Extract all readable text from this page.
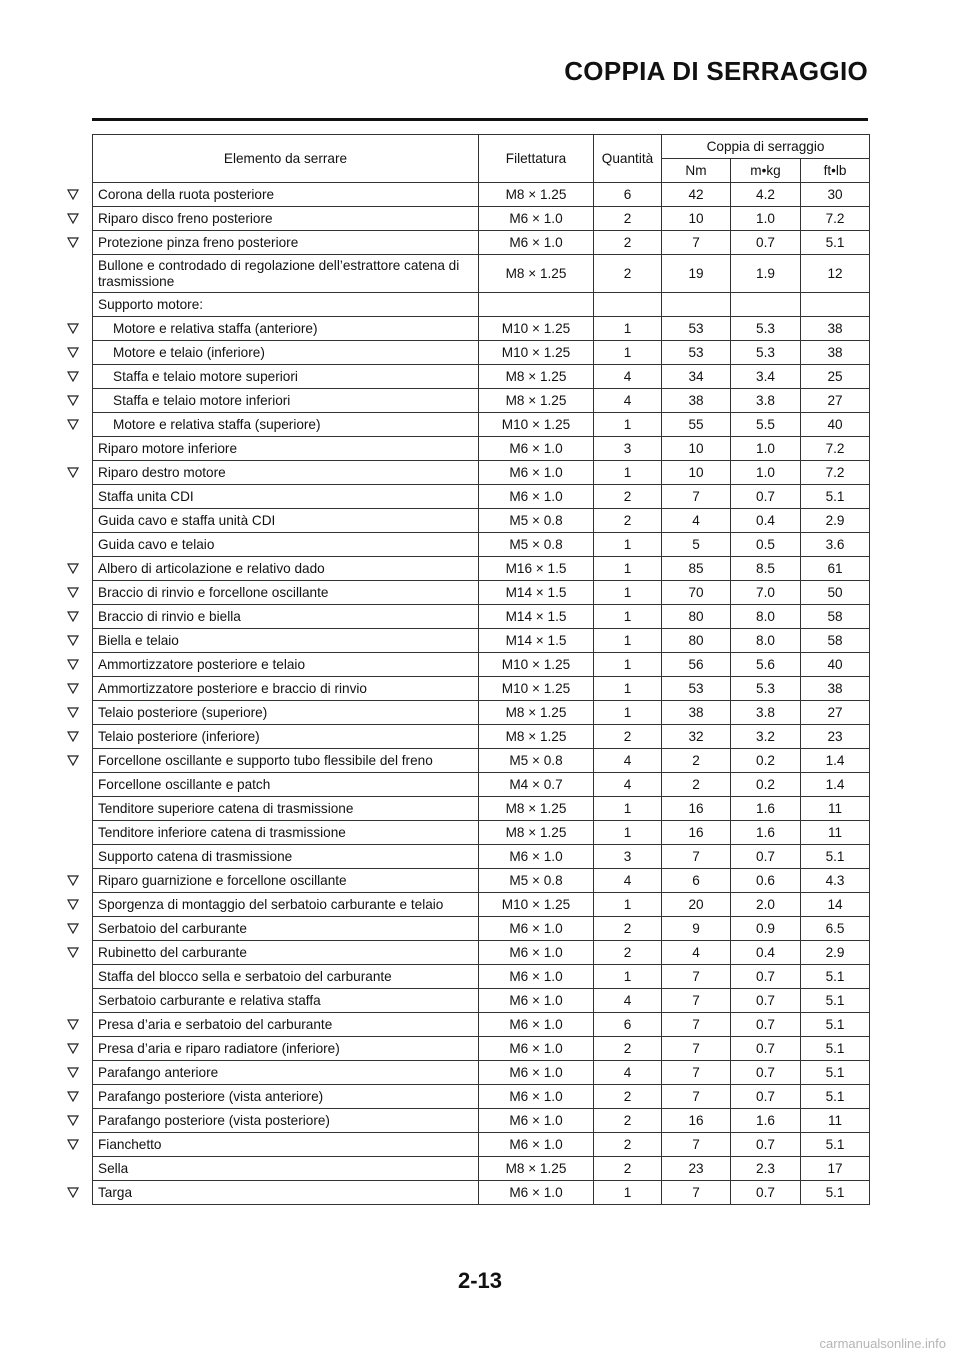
COPPIA DI SERRAGGIO
Elemento da serrare	Filettatura	Quantità	Coppia di serraggio		
			Nm	m•kg	ft•lb
Corona della ruota posteriore	M8 × 1.25	6	42	4.2	30
Riparo disco freno posteriore	M6 × 1.0	2	10	1.0	7.2
Protezione pinza freno posteriore	M6 × 1.0	2	7	0.7	5.1
Bullone e controdado di regolazione dell’estrattore catena di trasmissione	M8 × 1.25	2	19	1.9	12
Supporto motore:					
Motore e relativa staffa (anteriore)	M10 × 1.25	1	53	5.3	38
Motore e telaio (inferiore)	M10 × 1.25	1	53	5.3	38
Staffa e telaio motore superiori	M8 × 1.25	4	34	3.4	25
Staffa e telaio motore inferiori	M8 × 1.25	4	38	3.8	27
Motore e relativa staffa (superiore)	M10 × 1.25	1	55	5.5	40
Riparo motore inferiore	M6 × 1.0	3	10	1.0	7.2
Riparo destro motore	M6 × 1.0	1	10	1.0	7.2
Staffa unita CDI	M6 × 1.0	2	7	0.7	5.1
Guida cavo e staffa unità CDI	M5 × 0.8	2	4	0.4	2.9
Guida cavo e telaio	M5 × 0.8	1	5	0.5	3.6
Albero di articolazione e relativo dado	M16 × 1.5	1	85	8.5	61
Braccio di rinvio e forcellone oscillante	M14 × 1.5	1	70	7.0	50
Braccio di rinvio e biella	M14 × 1.5	1	80	8.0	58
Biella e telaio	M14 × 1.5	1	80	8.0	58
Ammortizzatore posteriore e telaio	M10 × 1.25	1	56	5.6	40
Ammortizzatore posteriore e braccio di rinvio	M10 × 1.25	1	53	5.3	38
Telaio posteriore (superiore)	M8 × 1.25	1	38	3.8	27
Telaio posteriore (inferiore)	M8 × 1.25	2	32	3.2	23
Forcellone oscillante e supporto tubo flessibile del freno	M5 × 0.8	4	2	0.2	1.4
Forcellone oscillante e patch	M4 × 0.7	4	2	0.2	1.4
Tenditore superiore catena di trasmissione	M8 × 1.25	1	16	1.6	11
Tenditore inferiore catena di trasmissione	M8 × 1.25	1	16	1.6	11
Supporto catena di trasmissione	M6 × 1.0	3	7	0.7	5.1
Riparo guarnizione e forcellone oscillante	M5 × 0.8	4	6	0.6	4.3
Sporgenza di montaggio del serbatoio carburante e telaio	M10 × 1.25	1	20	2.0	14
Serbatoio del carburante	M6 × 1.0	2	9	0.9	6.5
Rubinetto del carburante	M6 × 1.0	2	4	0.4	2.9
Staffa del blocco sella e serbatoio del carburante	M6 × 1.0	1	7	0.7	5.1
Serbatoio carburante e relativa staffa	M6 × 1.0	4	7	0.7	5.1
Presa d’aria e serbatoio del carburante	M6 × 1.0	6	7	0.7	5.1
Presa d’aria e riparo radiatore (inferiore)	M6 × 1.0	2	7	0.7	5.1
Parafango anteriore	M6 × 1.0	4	7	0.7	5.1
Parafango posteriore (vista anteriore)	M6 × 1.0	2	7	0.7	5.1
Parafango posteriore (vista posteriore)	M6 × 1.0	2	16	1.6	11
Fianchetto	M6 × 1.0	2	7	0.7	5.1
Sella	M8 × 1.25	2	23	2.3	17
Targa	M6 × 1.0	1	7	0.7	5.1
2-13
carmanualsonline.info
